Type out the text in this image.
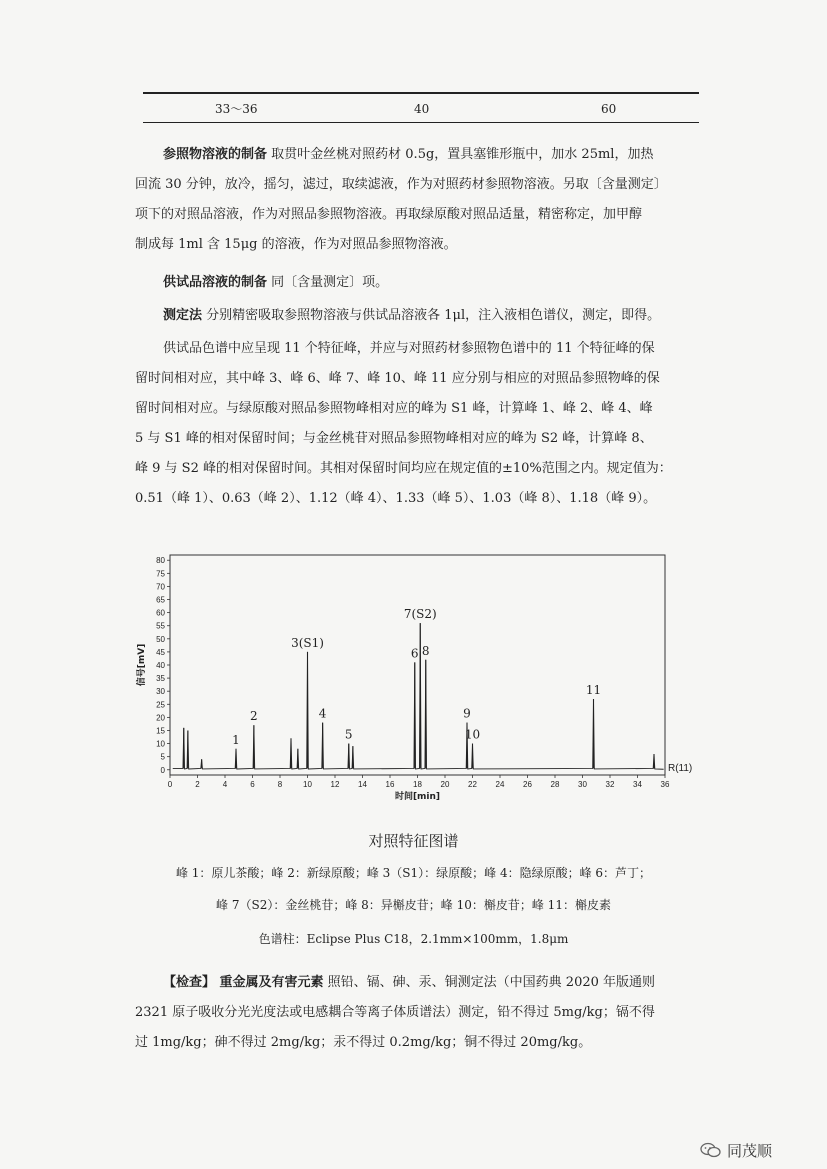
33～36	40	60

参照物溶液的制备 取贯叶金丝桃对照药材 0.5g，置具塞锥形瓶中，加水 25ml，加热

回流 30 分钟，放冷，摇匀，滤过，取续滤液，作为对照药材参照物溶液。另取〔含量测定〕

项下的对照品溶液，作为对照品参照物溶液。再取绿原酸对照品适量，精密称定，加甲醇

制成每 1ml 含 15μg 的溶液，作为对照品参照物溶液。

供试品溶液的制备 同〔含量测定〕项。

测定法 分别精密吸取参照物溶液与供试品溶液各 1μl，注入液相色谱仪，测定，即得。

供试品色谱中应呈现 11 个特征峰，并应与对照药材参照物色谱中的 11 个特征峰的保

留时间相对应，其中峰 3、峰 6、峰 7、峰 10、峰 11 应分别与相应的对照品参照物峰的保

留时间相对应。与绿原酸对照品参照物峰相对应的峰为 S1 峰，计算峰 1、峰 2、峰 4、峰

5 与 S1 峰的相对保留时间；与金丝桃苷对照品参照物峰相对应的峰为 S2 峰，计算峰 8、

峰 9 与 S2 峰的相对保留时间。其相对保留时间均应在规定值的±10%范围之内。规定值为：

0.51（峰 1）、0.63（峰 2）、1.12（峰 4）、1.33（峰 5）、1.03（峰 8）、1.18（峰 9）。

0
5
10
15
20
25
30
35
40
45
50
55
60
65
70
75
80
0	2	4	6	8	10 12 14 16 18 20 22 24 26 28 30 32 34 36
时间[min]
信号[mV]
1
2
3(S1)
4
5
6
7(S2)
8
9
10
11
R(11)
对照特征图谱
峰 1：原儿茶酸；峰 2：新绿原酸；峰 3（S1）：绿原酸；峰 4：隐绿原酸；峰 6：芦丁；
峰 7（S2）：金丝桃苷；峰 8：异槲皮苷；峰 10：槲皮苷；峰 11：槲皮素
色谱柱：Eclipse Plus C18，2.1mm×100mm，1.8μm

【检查】 重金属及有害元素 照铅、镉、砷、汞、铜测定法（中国药典 2020 年版通则

2321 原子吸收分光光度法或电感耦合等离子体质谱法）测定，铅不得过 5mg/kg；镉不得

过 1mg/kg；砷不得过 2mg/kg；汞不得过 0.2mg/kg；铜不得过 20mg/kg。

同茂顺
